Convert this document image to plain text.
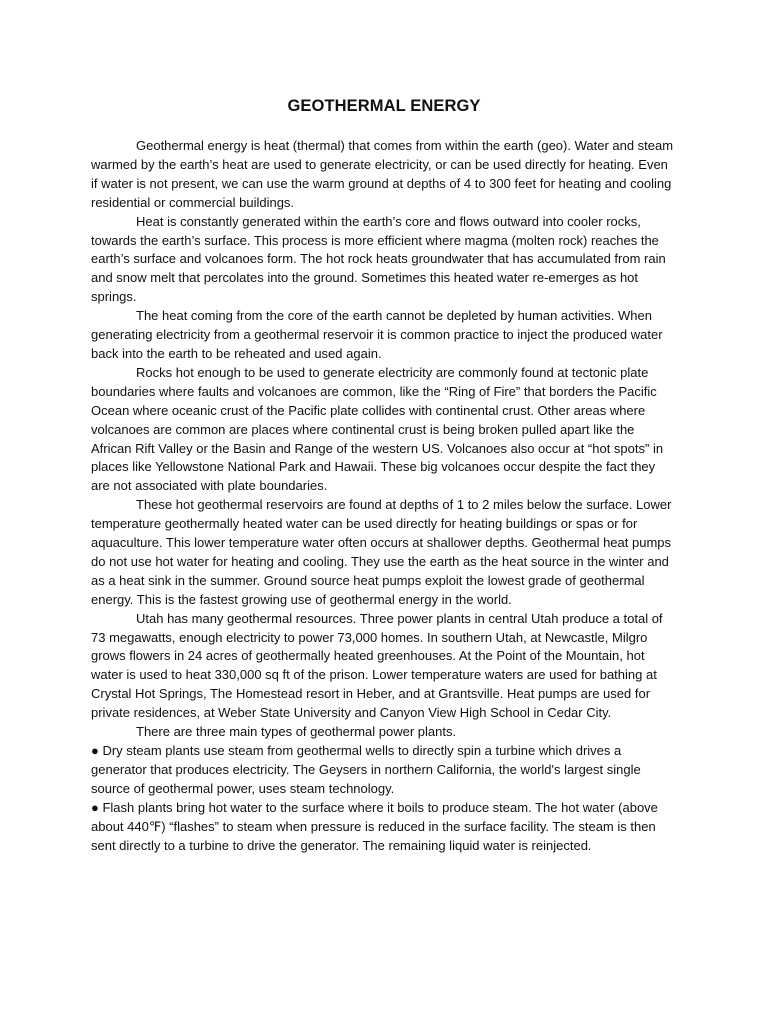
GEOTHERMAL ENERGY

Geothermal energy is heat (thermal) that comes from within the earth (geo). Water and steam warmed by the earth’s heat are used to generate electricity, or can be used directly for heating. Even if water is not present, we can use the warm ground at depths of 4 to 300 feet for heating and cooling residential or commercial buildings.

Heat is constantly generated within the earth’s core and flows outward into cooler rocks, towards the earth’s surface. This process is more efficient where magma (molten rock) reaches the earth’s surface and volcanoes form. The hot rock heats groundwater that has accumulated from rain and snow melt that percolates into the ground. Sometimes this heated water re-emerges as hot springs.

The heat coming from the core of the earth cannot be depleted by human activities. When generating electricity from a geothermal reservoir it is common practice to inject the produced water back into the earth to be reheated and used again.

Rocks hot enough to be used to generate electricity are commonly found at tectonic plate boundaries where faults and volcanoes are common, like the “Ring of Fire” that borders the Pacific Ocean where oceanic crust of the Pacific plate collides with continental crust. Other areas where volcanoes are common are places where continental crust is being broken pulled apart like the African Rift Valley or the Basin and Range of the western US. Volcanoes also occur at “hot spots” in places like Yellowstone National Park and Hawaii. These big volcanoes occur despite the fact they are not associated with plate boundaries.

These hot geothermal reservoirs are found at depths of 1 to 2 miles below the surface. Lower temperature geothermally heated water can be used directly for heating buildings or spas or for aquaculture. This lower temperature water often occurs at shallower depths. Geothermal heat pumps do not use hot water for heating and cooling. They use the earth as the heat source in the winter and as a heat sink in the summer. Ground source heat pumps exploit the lowest grade of geothermal energy. This is the fastest growing use of geothermal energy in the world.

Utah has many geothermal resources. Three power plants in central Utah produce a total of 73 megawatts, enough electricity to power 73,000 homes. In southern Utah, at Newcastle, Milgro grows flowers in 24 acres of geothermally heated greenhouses. At the Point of the Mountain, hot water is used to heat 330,000 sq ft of the prison. Lower temperature waters are used for bathing at Crystal Hot Springs, The Homestead resort in Heber, and at Grantsville. Heat pumps are used for private residences, at Weber State University and Canyon View High School in Cedar City.

There are three main types of geothermal power plants.

● Dry steam plants use steam from geothermal wells to directly spin a turbine which drives a generator that produces electricity. The Geysers in northern California, the world's largest single source of geothermal power, uses steam technology.

● Flash plants bring hot water to the surface where it boils to produce steam. The hot water (above about 440℉) “flashes” to steam when pressure is reduced in the surface facility. The steam is then sent directly to a turbine to drive the generator. The remaining liquid water is reinjected.
